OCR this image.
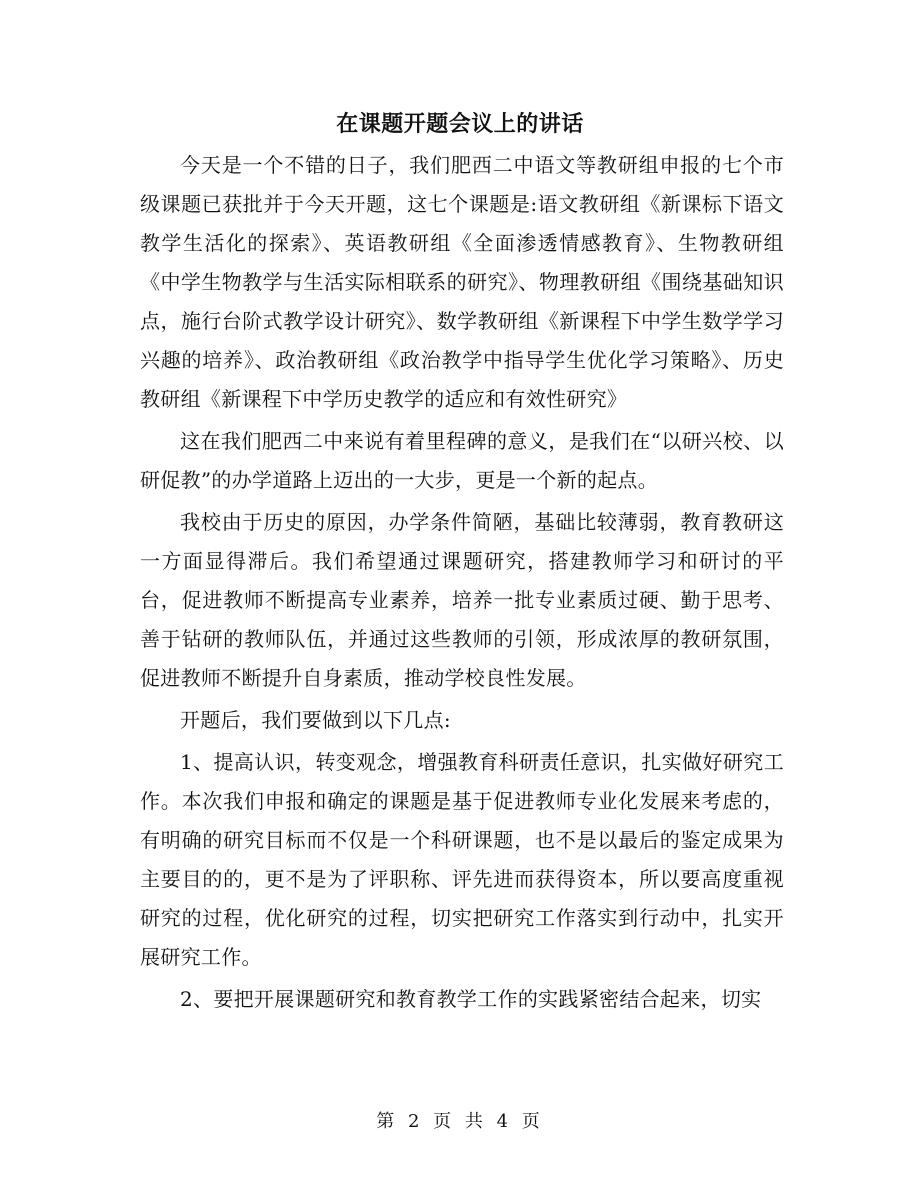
在课题开题会议上的讲话

今天是一个不错的日子，我们肥西二中语文等教研组申报的七个市级课题已获批并于今天开题，这七个课题是:语文教研组《新课标下语文教学生活化的探索》、英语教研组《全面渗透情感教育》、生物教研组《中学生物教学与生活实际相联系的研究》、物理教研组《围绕基础知识点，施行台阶式教学设计研究》、数学教研组《新课程下中学生数学学习兴趣的培养》、政治教研组《政治教学中指导学生优化学习策略》、历史教研组《新课程下中学历史教学的适应和有效性研究》

这在我们肥西二中来说有着里程碑的意义，是我们在“以研兴校、以研促教”的办学道路上迈出的一大步，更是一个新的起点。

我校由于历史的原因，办学条件简陋，基础比较薄弱，教育教研这一方面显得滞后。我们希望通过课题研究，搭建教师学习和研讨的平台，促进教师不断提高专业素养，培养一批专业素质过硬、勤于思考、善于钻研的教师队伍，并通过这些教师的引领，形成浓厚的教研氛围，促进教师不断提升自身素质，推动学校良性发展。

开题后，我们要做到以下几点:

1、提高认识，转变观念，增强教育科研责任意识，扎实做好研究工作。本次我们申报和确定的课题是基于促进教师专业化发展来考虑的，有明确的研究目标而不仅是一个科研课题，也不是以最后的鉴定成果为主要目的的，更不是为了评职称、评先进而获得资本，所以要高度重视研究的过程，优化研究的过程，切实把研究工作落实到行动中，扎实开展研究工作。

2、要把开展课题研究和教育教学工作的实践紧密结合起来，切实

第 2 页 共 4 页
